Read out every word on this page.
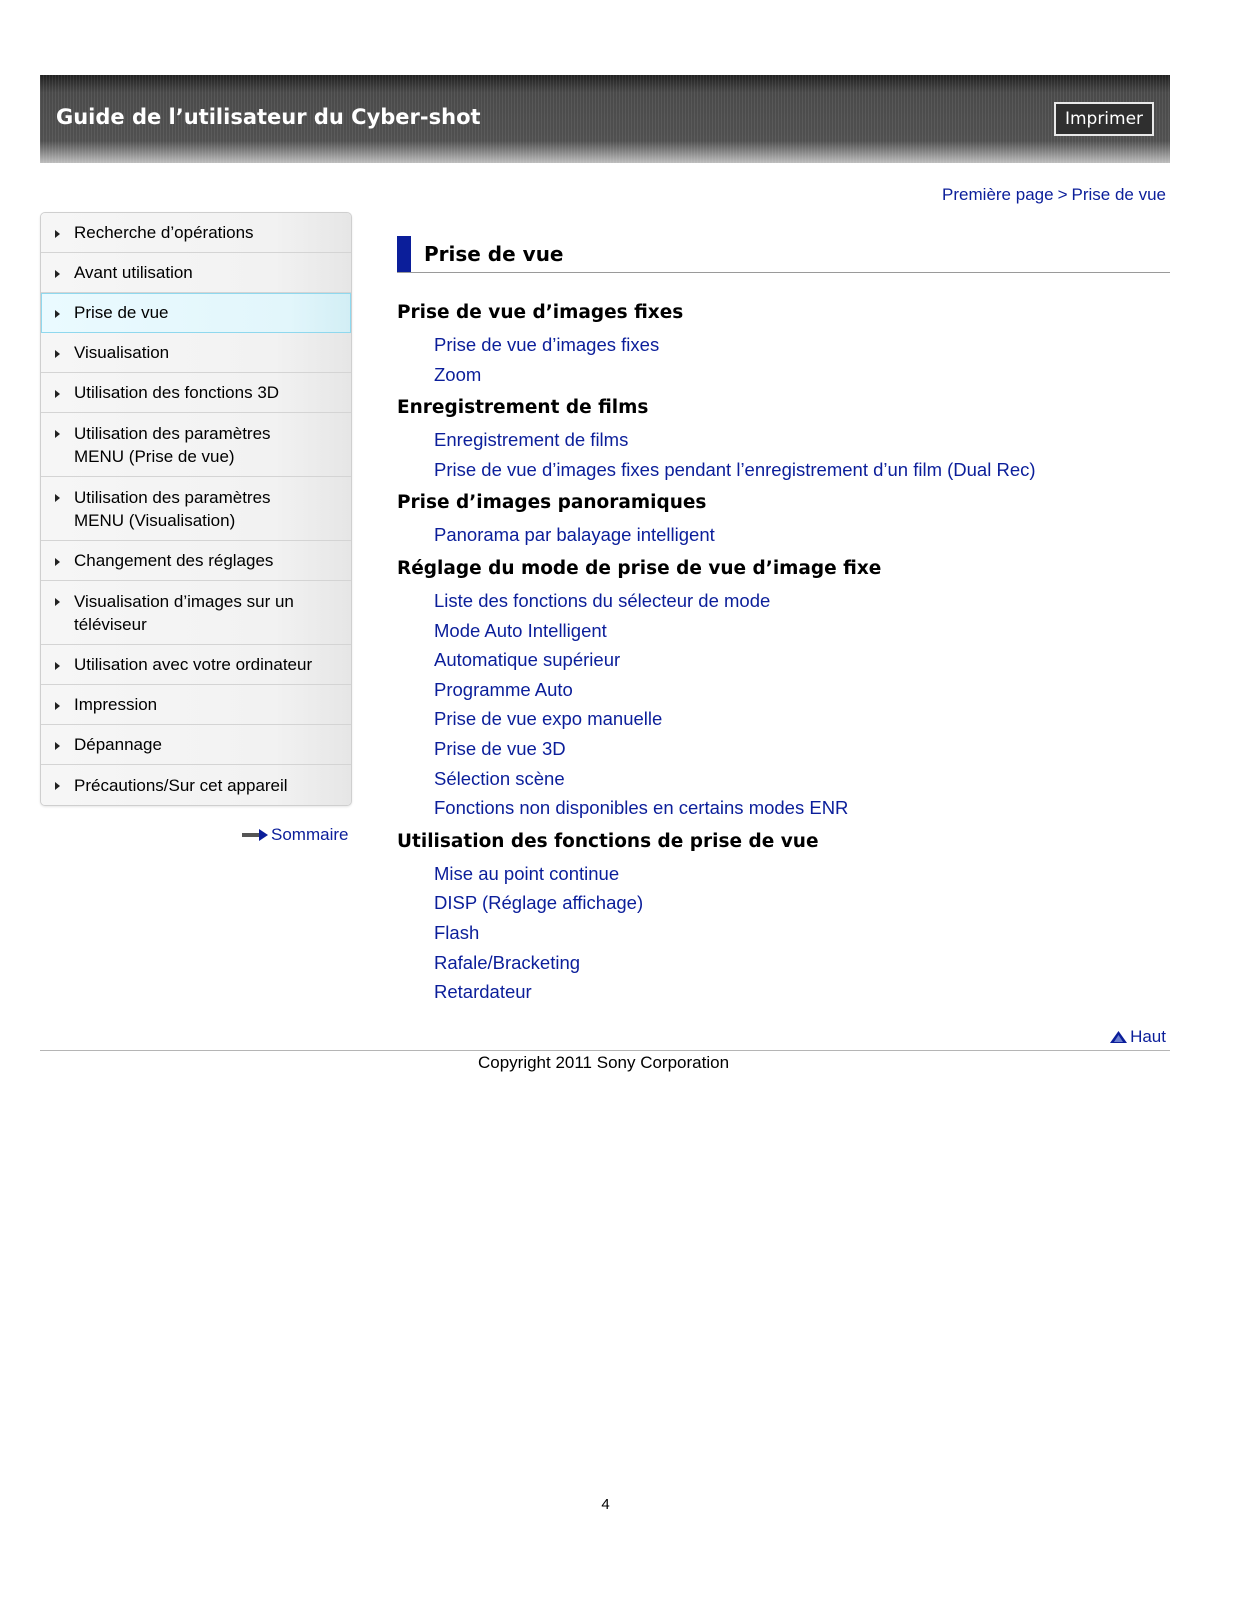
Guide de l’utilisateur du Cyber-shot	Imprimer
Première page > Prise de vue
Recherche d’opérations
Avant utilisation
Prise de vue
Visualisation
Utilisation des fonctions 3D
Utilisation des paramètres
MENU (Prise de vue)
Utilisation des paramètres
MENU (Visualisation)
Changement des réglages
Visualisation d’images sur un
téléviseur
Utilisation avec votre ordinateur
Impression
Dépannage
Précautions/Sur cet appareil
Sommaire
Prise de vue
Prise de vue d’images fixes
Prise de vue d’images fixes
Zoom
Enregistrement de films
Enregistrement de films
Prise de vue d’images fixes pendant l’enregistrement d’un film (Dual Rec)
Prise d’images panoramiques
Panorama par balayage intelligent
Réglage du mode de prise de vue d’image fixe
Liste des fonctions du sélecteur de mode
Mode Auto Intelligent
Automatique supérieur
Programme Auto
Prise de vue expo manuelle
Prise de vue 3D
Sélection scène
Fonctions non disponibles en certains modes ENR
Utilisation des fonctions de prise de vue
Mise au point continue
DISP (Réglage affichage)
Flash
Rafale/Bracketing
Retardateur
Haut
Copyright 2011 Sony Corporation
4
